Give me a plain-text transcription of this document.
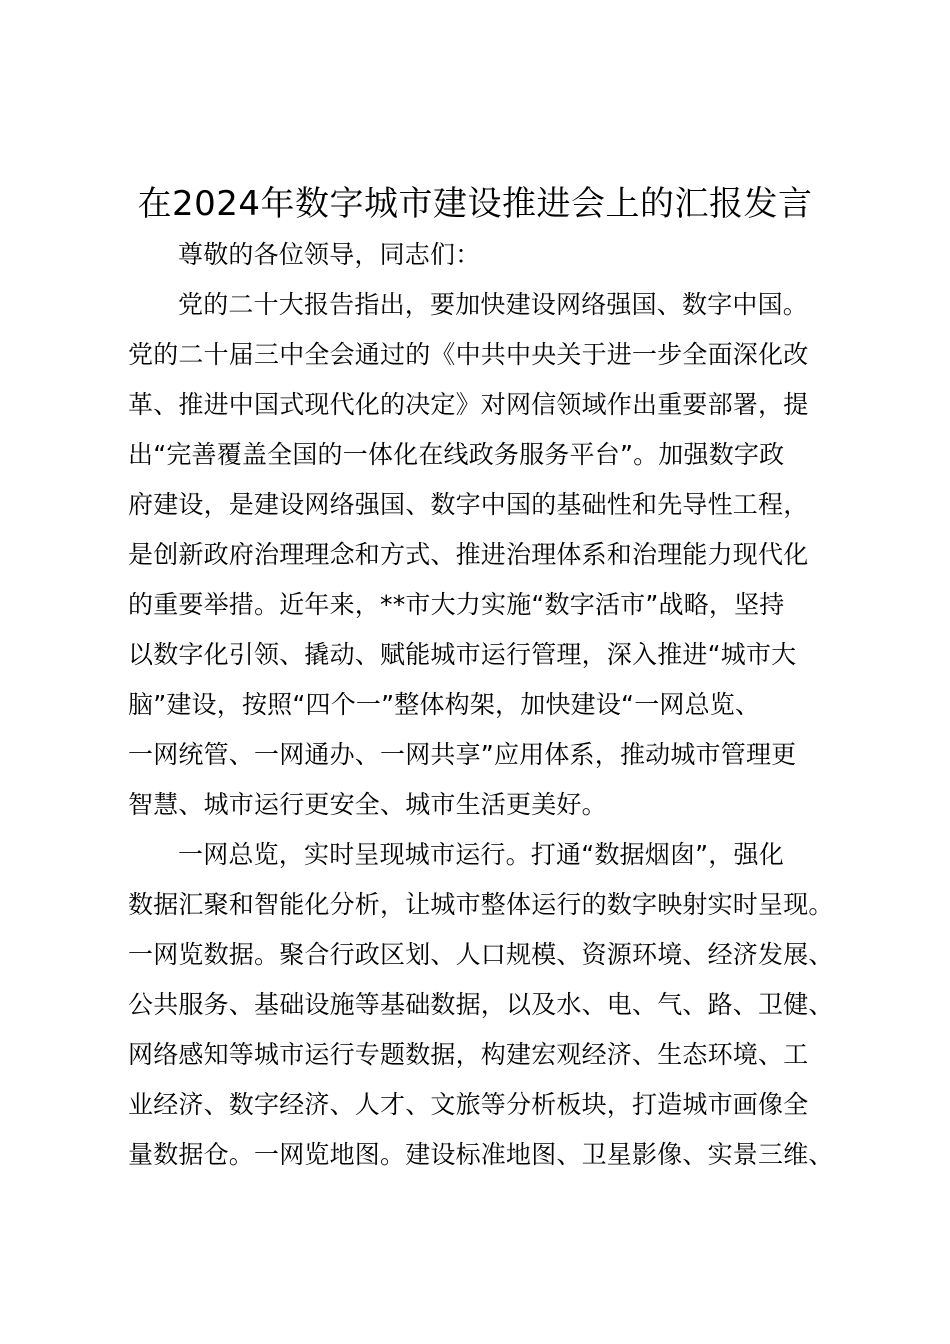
在2024年数字城市建设推进会上的汇报发言
尊敬的各位领导，同志们：
党的二十大报告指出，要加快建设网络强国、数字中国。
党的二十届三中全会通过的《中共中央关于进一步全面深化改
革、推进中国式现代化的决定》对网信领域作出重要部署，提
出“完善覆盖全国的一体化在线政务服务平台”。加强数字政
府建设，是建设网络强国、数字中国的基础性和先导性工程，
是创新政府治理理念和方式、推进治理体系和治理能力现代化
的重要举措。近年来，**市大力实施“数字活市”战略，坚持
以数字化引领、撬动、赋能城市运行管理，深入推进“城市大
脑”建设，按照“四个一”整体构架，加快建设“一网总览、
一网统管、一网通办、一网共享”应用体系，推动城市管理更
智慧、城市运行更安全、城市生活更美好。
一网总览，实时呈现城市运行。打通“数据烟囱”，强化
数据汇聚和智能化分析，让城市整体运行的数字映射实时呈现。
一网览数据。聚合行政区划、人口规模、资源环境、经济发展、
公共服务、基础设施等基础数据，以及水、电、气、路、卫健、
网络感知等城市运行专题数据，构建宏观经济、生态环境、工
业经济、数字经济、人才、文旅等分析板块，打造城市画像全
量数据仓。一网览地图。建设标准地图、卫星影像、实景三维、
